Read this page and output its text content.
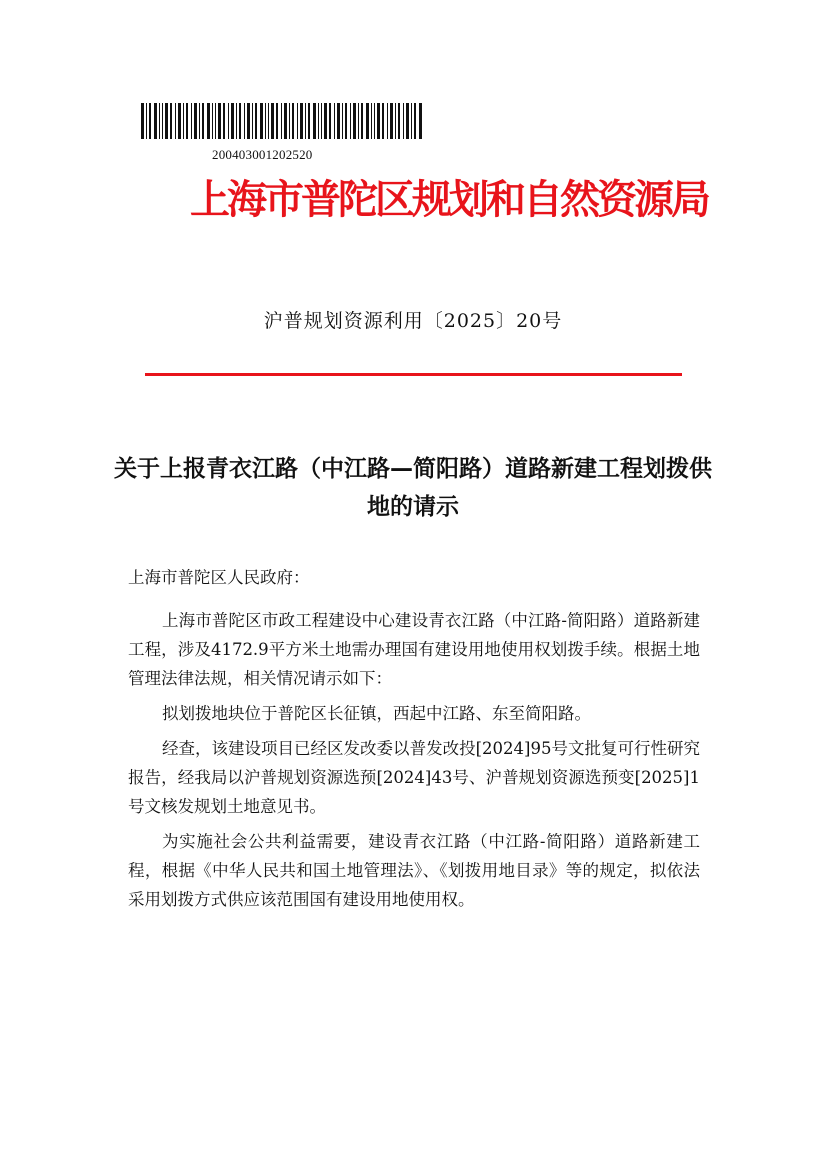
200403001202520
上海市普陀区规划和自然资源局
沪普规划资源利用〔2025〕20号
关于上报青衣江路（中江路—简阳路）道路新建工程划拨供地的请示
上海市普陀区人民政府：

上海市普陀区市政工程建设中心建设青衣江路（中江路-简阳路）道路新建工程，涉及4172.9平方米土地需办理国有建设用地使用权划拨手续。根据土地管理法律法规，相关情况请示如下：

拟划拨地块位于普陀区长征镇，西起中江路、东至简阳路。

经查，该建设项目已经区发改委以普发改投[2024]95号文批复可行性研究报告，经我局以沪普规划资源选预[2024]43号、沪普规划资源选预变[2025]1号文核发规划土地意见书。

为实施社会公共利益需要，建设青衣江路（中江路-简阳路）道路新建工程，根据《中华人民共和国土地管理法》、《划拨用地目录》等的规定，拟依法采用划拨方式供应该范围国有建设用地使用权。
